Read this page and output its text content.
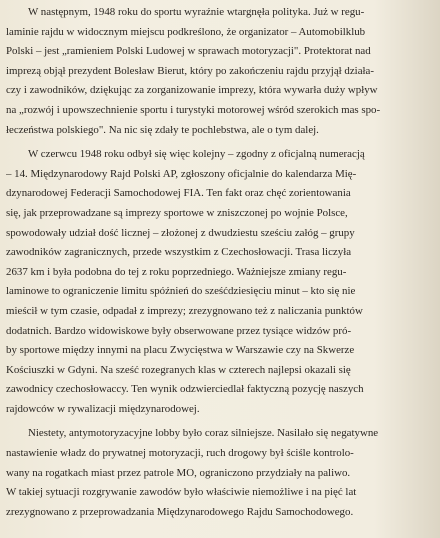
W następnym, 1948 roku do sportu wyraźnie wtargnęła polityka. Już w regu-
laminie rajdu w widocznym miejscu podkreślono, że organizator – Automobilklub
Polski – jest „ramieniem Polski Ludowej w sprawach motoryzacji". Protektorat nad
imprezą objął prezydent Bolesław Bierut, który po zakończeniu rajdu przyjął działa-
czy i zawodników, dziękując za zorganizowanie imprezy, która wywarła duży wpływ
na „rozwój i upowszechnienie sportu i turystyki motorowej wśród szerokich mas spo-
łeczeństwa polskiego". Na nic się zdały te pochlebstwa, ale o tym dalej.
W czerwcu 1948 roku odbył się więc kolejny – zgodny z oficjalną numeracją
– 14. Międzynarodowy Rajd Polski AP, zgłoszony oficjalnie do kalendarza Mię-
dzynarodowej Federacji Samochodowej FIA. Ten fakt oraz chęć zorientowania
się, jak przeprowadzane są imprezy sportowe w zniszczonej po wojnie Polsce,
spowodowały udział dość licznej – złożonej z dwudziestu sześciu załóg – grupy
zawodników zagranicznych, przede wszystkim z Czechosłowacji. Trasa liczyła
2637 km i była podobna do tej z roku poprzedniego. Ważniejsze zmiany regu-
laminowe to ograniczenie limitu spóźnień do sześćdziesięciu minut – kto się nie
mieścił w tym czasie, odpadał z imprezy; zrezygnowano też z naliczania punktów
dodatnich. Bardzo widowiskowe były obserwowane przez tysiące widzów pró-
by sportowe między innymi na placu Zwycięstwa w Warszawie czy na Skwerze
Kościuszki w Gdyni. Na sześć rozegranych klas w czterech najlepsi okazali się
zawodnicy czechosłowaccy. Ten wynik odzwierciedlał faktyczną pozycję naszych
rajdowców w rywalizacji międzynarodowej.
Niestety, antymotoryzacyjne lobby było coraz silniejsze. Nasilało się negatywne
nastawienie władz do prywatnej motoryzacji, ruch drogowy był ściśle kontrolo-
wany na rogatkach miast przez patrole MO, ograniczono przydziały na paliwo.
W takiej sytuacji rozgrywanie zawodów było właściwie niemożliwe i na pięć lat
zrezygnowano z przeprowadzania Międzynarodowego Rajdu Samochodowego.
